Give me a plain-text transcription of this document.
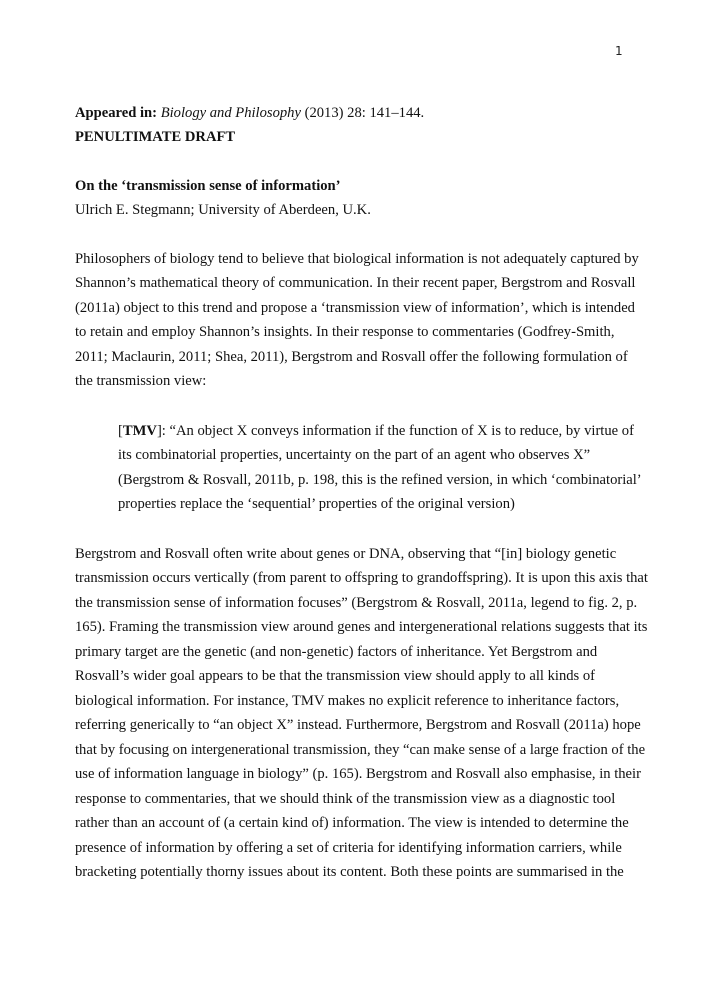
1
Appeared in: Biology and Philosophy (2013) 28: 141–144.
PENULTIMATE DRAFT
On the ‘transmission sense of information’
Ulrich E. Stegmann; University of Aberdeen, U.K.
Philosophers of biology tend to believe that biological information is not adequately captured by
Shannon’s mathematical theory of communication. In their recent paper, Bergstrom and Rosvall
(2011a) object to this trend and propose a ‘transmission view of information’, which is intended
to retain and employ Shannon’s insights. In their response to commentaries (Godfrey-Smith,
2011; Maclaurin, 2011; Shea, 2011), Bergstrom and Rosvall offer the following formulation of
the transmission view:
[TMV]: “An object X conveys information if the function of X is to reduce, by virtue of
its combinatorial properties, uncertainty on the part of an agent who observes X”
(Bergstrom & Rosvall, 2011b, p. 198, this is the refined version, in which ‘combinatorial’
properties replace the ‘sequential’ properties of the original version)
Bergstrom and Rosvall often write about genes or DNA, observing that “[in] biology genetic
transmission occurs vertically (from parent to offspring to grandoffspring). It is upon this axis that
the transmission sense of information focuses” (Bergstrom & Rosvall, 2011a, legend to fig. 2, p.
165). Framing the transmission view around genes and intergenerational relations suggests that its
primary target are the genetic (and non-genetic) factors of inheritance. Yet Bergstrom and
Rosvall’s wider goal appears to be that the transmission view should apply to all kinds of
biological information. For instance, TMV makes no explicit reference to inheritance factors,
referring generically to “an object X” instead. Furthermore, Bergstrom and Rosvall (2011a) hope
that by focusing on intergenerational transmission, they “can make sense of a large fraction of the
use of information language in biology” (p. 165). Bergstrom and Rosvall also emphasise, in their
response to commentaries, that we should think of the transmission view as a diagnostic tool
rather than an account of (a certain kind of) information. The view is intended to determine the
presence of information by offering a set of criteria for identifying information carriers, while
bracketing potentially thorny issues about its content. Both these points are summarised in the
